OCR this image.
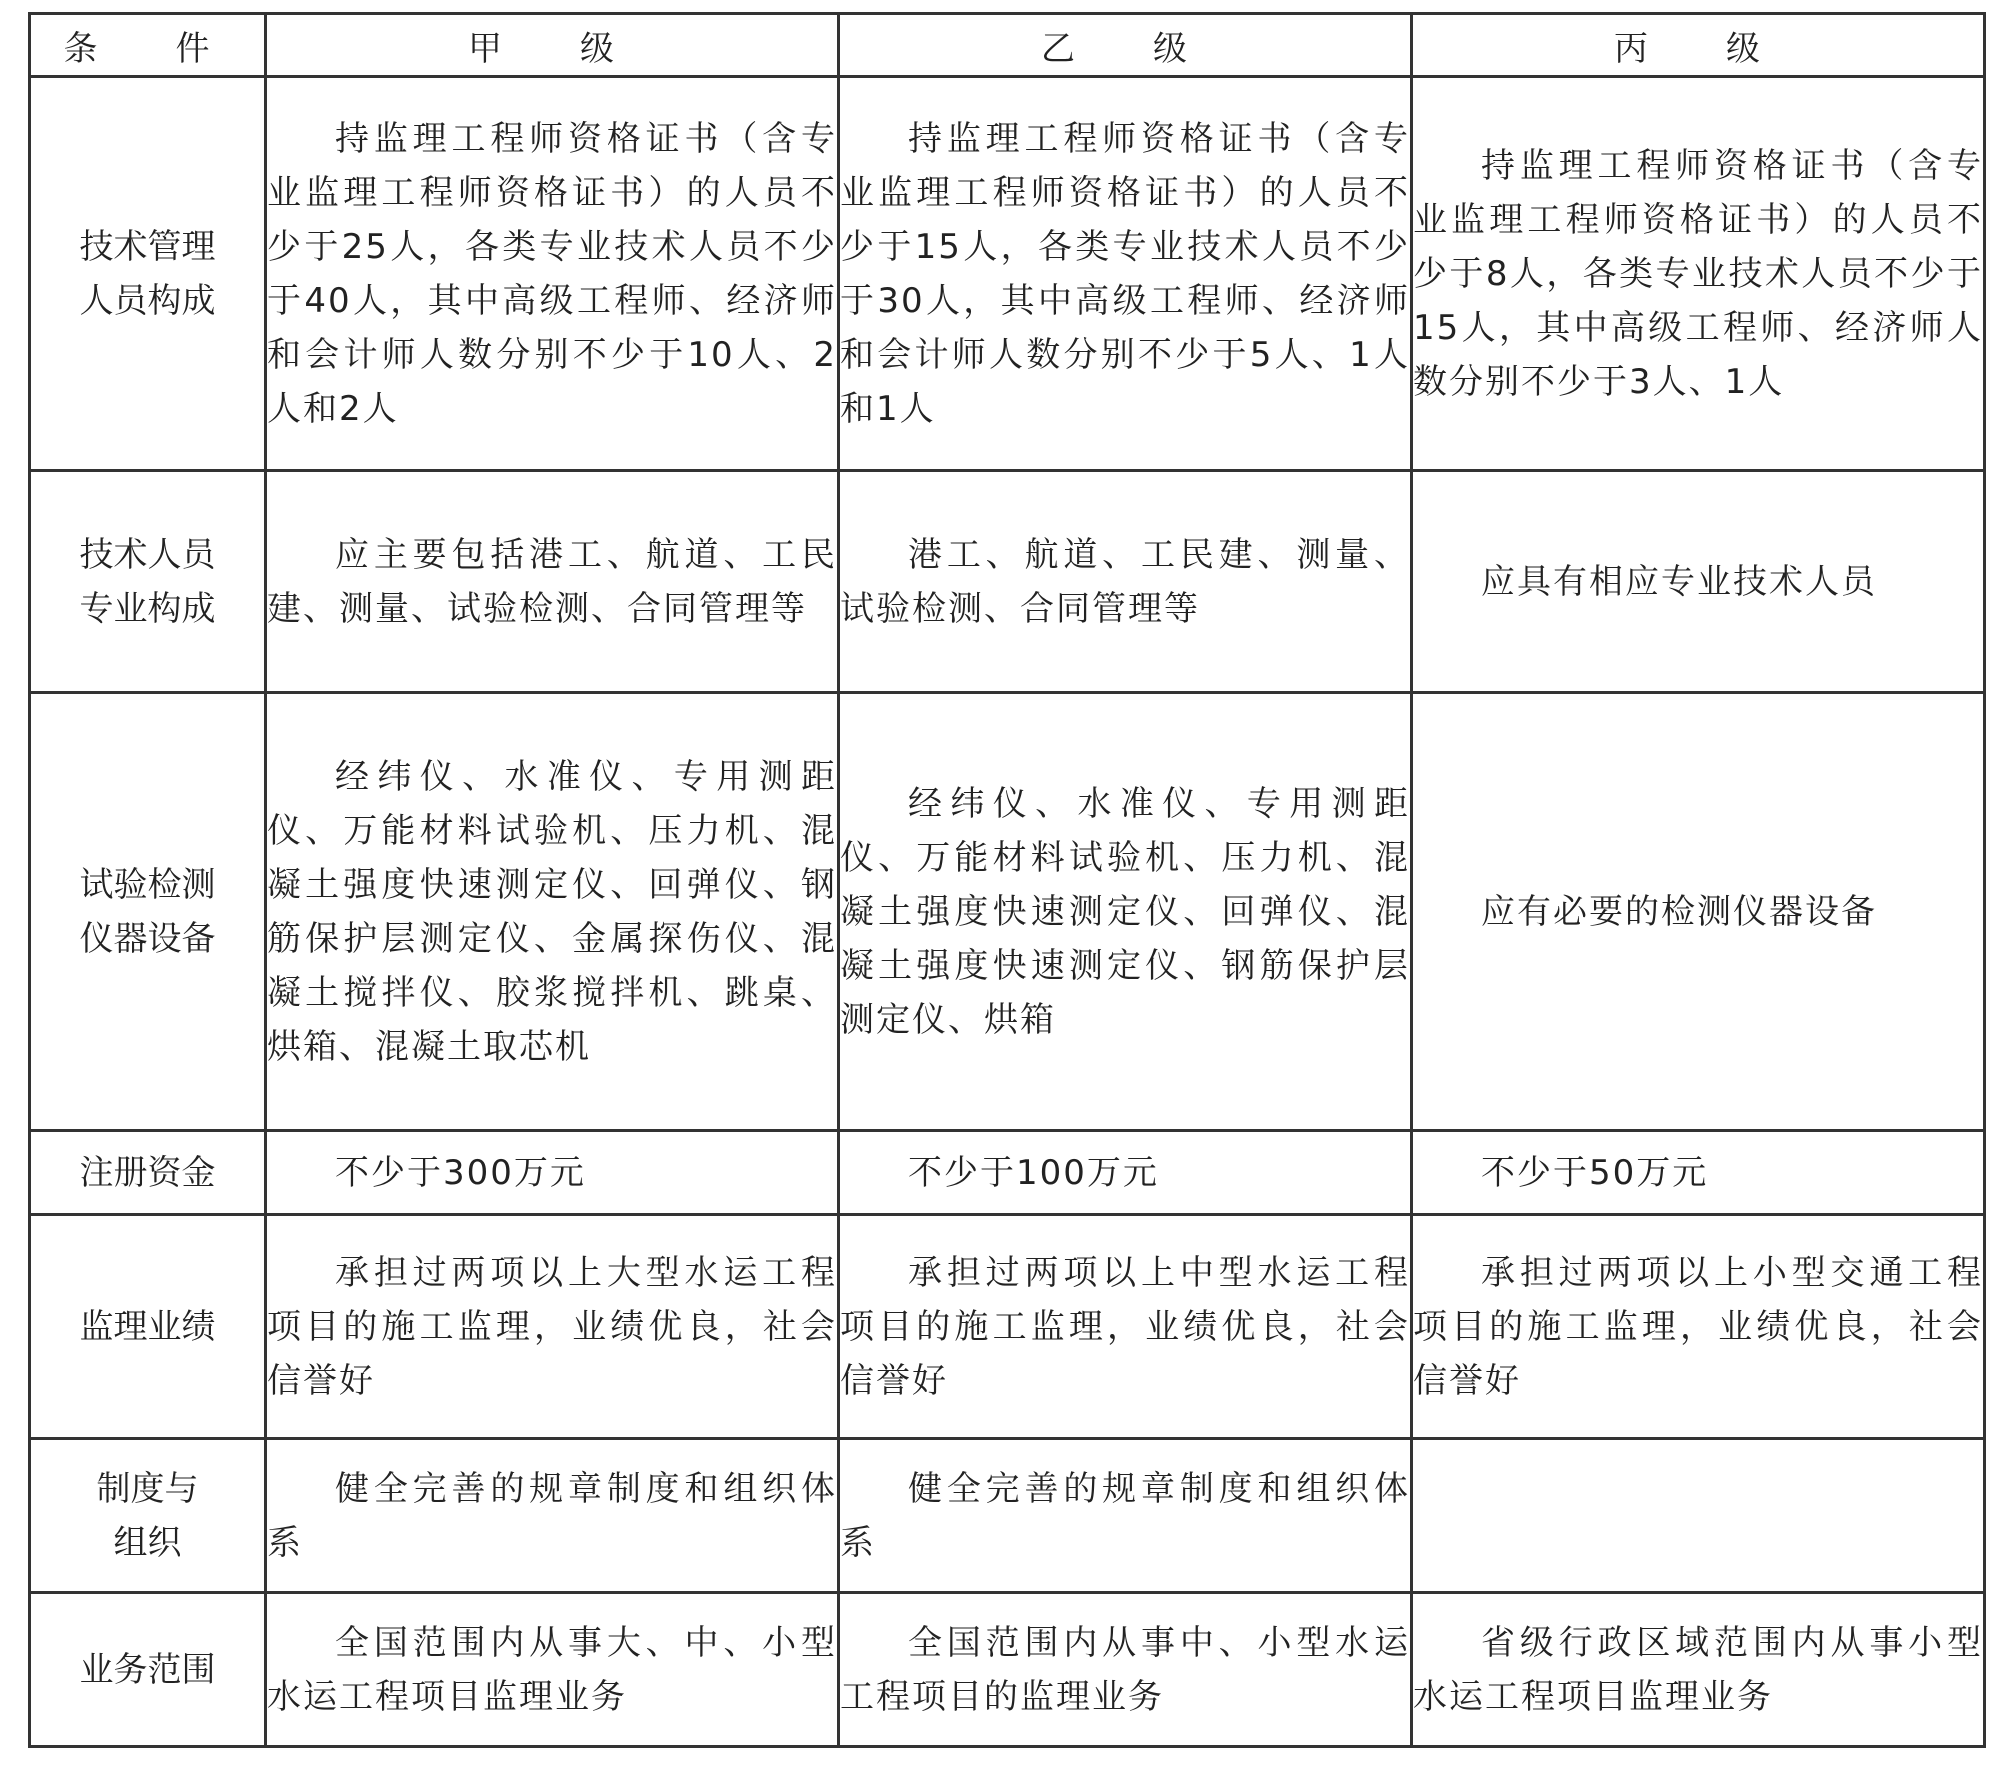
条　件	甲　级	乙　级	丙　级

技术管理人员构成	持监理工程师资格证书（含专业监理工程师资格证书）的人员不少于25人，各类专业技术人员不少于40人，其中高级工程师、经济师和会计师人数分别不少于10人、2人和2人	持监理工程师资格证书（含专业监理工程师资格证书）的人员不少于15人，各类专业技术人员不少于30人，其中高级工程师、经济师和会计师人数分别不少于5人、1人和1人	持监理工程师资格证书（含专业监理工程师资格证书）的人员不少于8人，各类专业技术人员不少于15人，其中高级工程师、经济师人数分别不少于3人、1人

技术人员专业构成	应主要包括港工、航道、工民建、测量、试验检测、合同管理等	港工、航道、工民建、测量、试验检测、合同管理等	应具有相应专业技术人员

试验检测仪器设备	经纬仪、水准仪、专用测距仪、万能材料试验机、压力机、混凝土强度快速测定仪、回弹仪、钢筋保护层测定仪、金属探伤仪、混凝土搅拌仪、胶浆搅拌机、跳桌、烘箱、混凝土取芯机	经纬仪、水准仪、专用测距仪、万能材料试验机、压力机、混凝土强度快速测定仪、回弹仪、混凝土强度快速测定仪、钢筋保护层测定仪、烘箱	应有必要的检测仪器设备

注册资金	不少于300万元	不少于100万元	不少于50万元

监理业绩	承担过两项以上大型水运工程项目的施工监理，业绩优良，社会信誉好	承担过两项以上中型水运工程项目的施工监理，业绩优良，社会信誉好	承担过两项以上小型交通工程项目的施工监理，业绩优良，社会信誉好

制度与组织	健全完善的规章制度和组织体系	健全完善的规章制度和组织体系	

业务范围	全国范围内从事大、中、小型水运工程项目监理业务	全国范围内从事中、小型水运工程项目的监理业务	省级行政区域范围内从事小型水运工程项目监理业务
